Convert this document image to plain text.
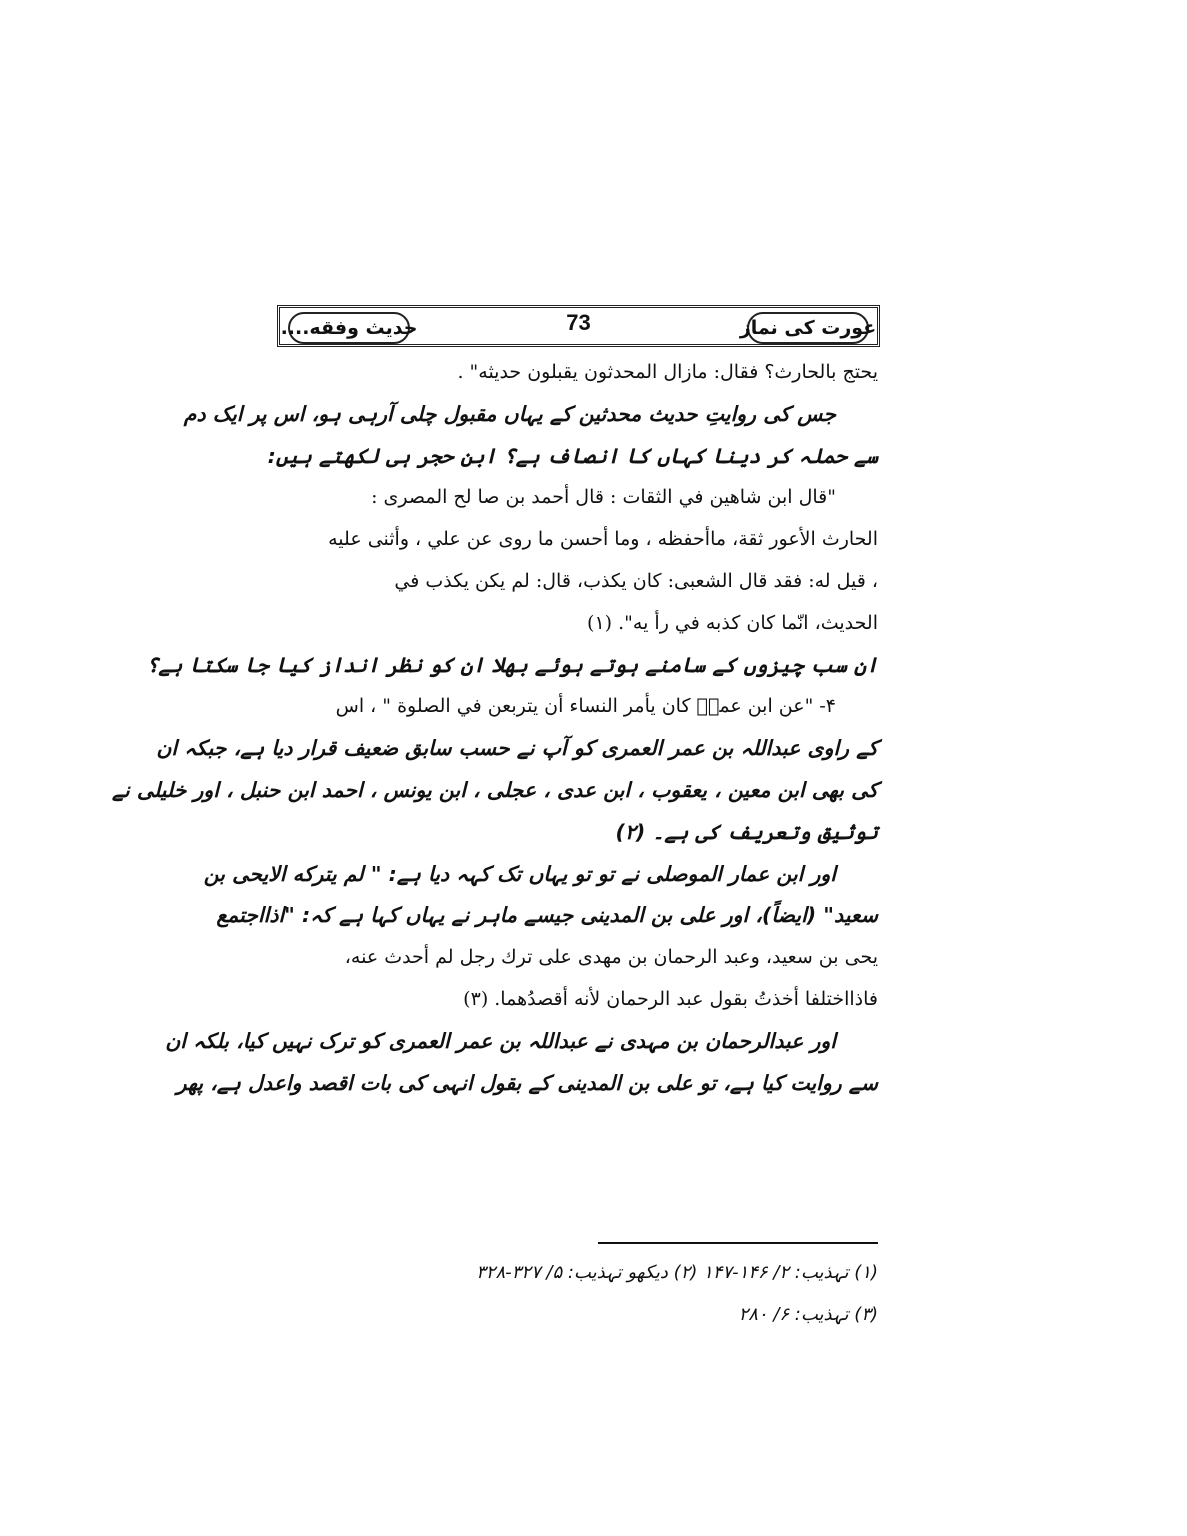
عورت کی نماز
73
حدیث وفقه....
يحتج بالحارث؟ فقال: مازال المحدثون يقبلون حديثه" .
جس کی روایتِ حدیث محدثین کے یہاں مقبول چلی آرہی ہو، اس پر ایک دم
سے حملہ کر دینا کہاں کا انصاف ہے؟ ابن حجر ہی لکھتے ہیں:
"قال ابن شاهين في الثقات : قال أحمد بن صا لح المصرى :
الحارث الأعور ثقة، ماأحفظه ، وما أحسن ما روى عن علي ، وأثنى عليه
، قيل له: فقد قال الشعبى: كان يكذب، قال: لم يكن يكذب في
الحديث، انّما كان كذبه في رأ يه". (۱)
ان سب چیزوں کے سامنے ہوتے ہوئے بھلا ان کو نظر انداز کیا جا سکتا ہے؟
۴- "عن ابن عمرؓ كان يأمر النساء أن يتربعن في الصلوة " ، اس
کے راوی عبداللہ بن عمر العمری کو آپ نے حسب سابق ضعیف قرار دیا ہے، جبکہ ان
کی بھی ابن معین ، یعقوب ، ابن عدی ، عجلی ، ابن یونس ، احمد ابن حنبل ، اور خلیلی نے
توثیق وتعریف کی ہے۔ (۲)
اور ابن عمار الموصلی نے تو تو یہاں تک کہہ دیا ہے: " لم يتركه الايحى بن
سعيد" (ایضاً)، اور علی بن المدینی جیسے ماہر نے یہاں کہا ہے کہ: "اذااجتمع
يحى بن سعيد، وعبد الرحمان بن مهدى على ترك رجل لم أحدث عنه،
فاذااختلفا أخذتُ بقول عبد الرحمان لأنه أقصدُهما. (۳)
اور عبدالرحمان بن مہدی نے عبداللہ بن عمر العمری کو ترک نہیں کیا، بلکہ ان
سے روایت کیا ہے، تو علی بن المدینی کے بقول انہی کی بات اقصد واعدل ہے، پھر
(۱) تہذیب: ۲/ ۱۴۶-۱۴۷ (۲) دیکھو تہذیب: ۵/ ۳۲۷-۳۲۸
(۳) تہذیب: ۶/ ۲۸۰
